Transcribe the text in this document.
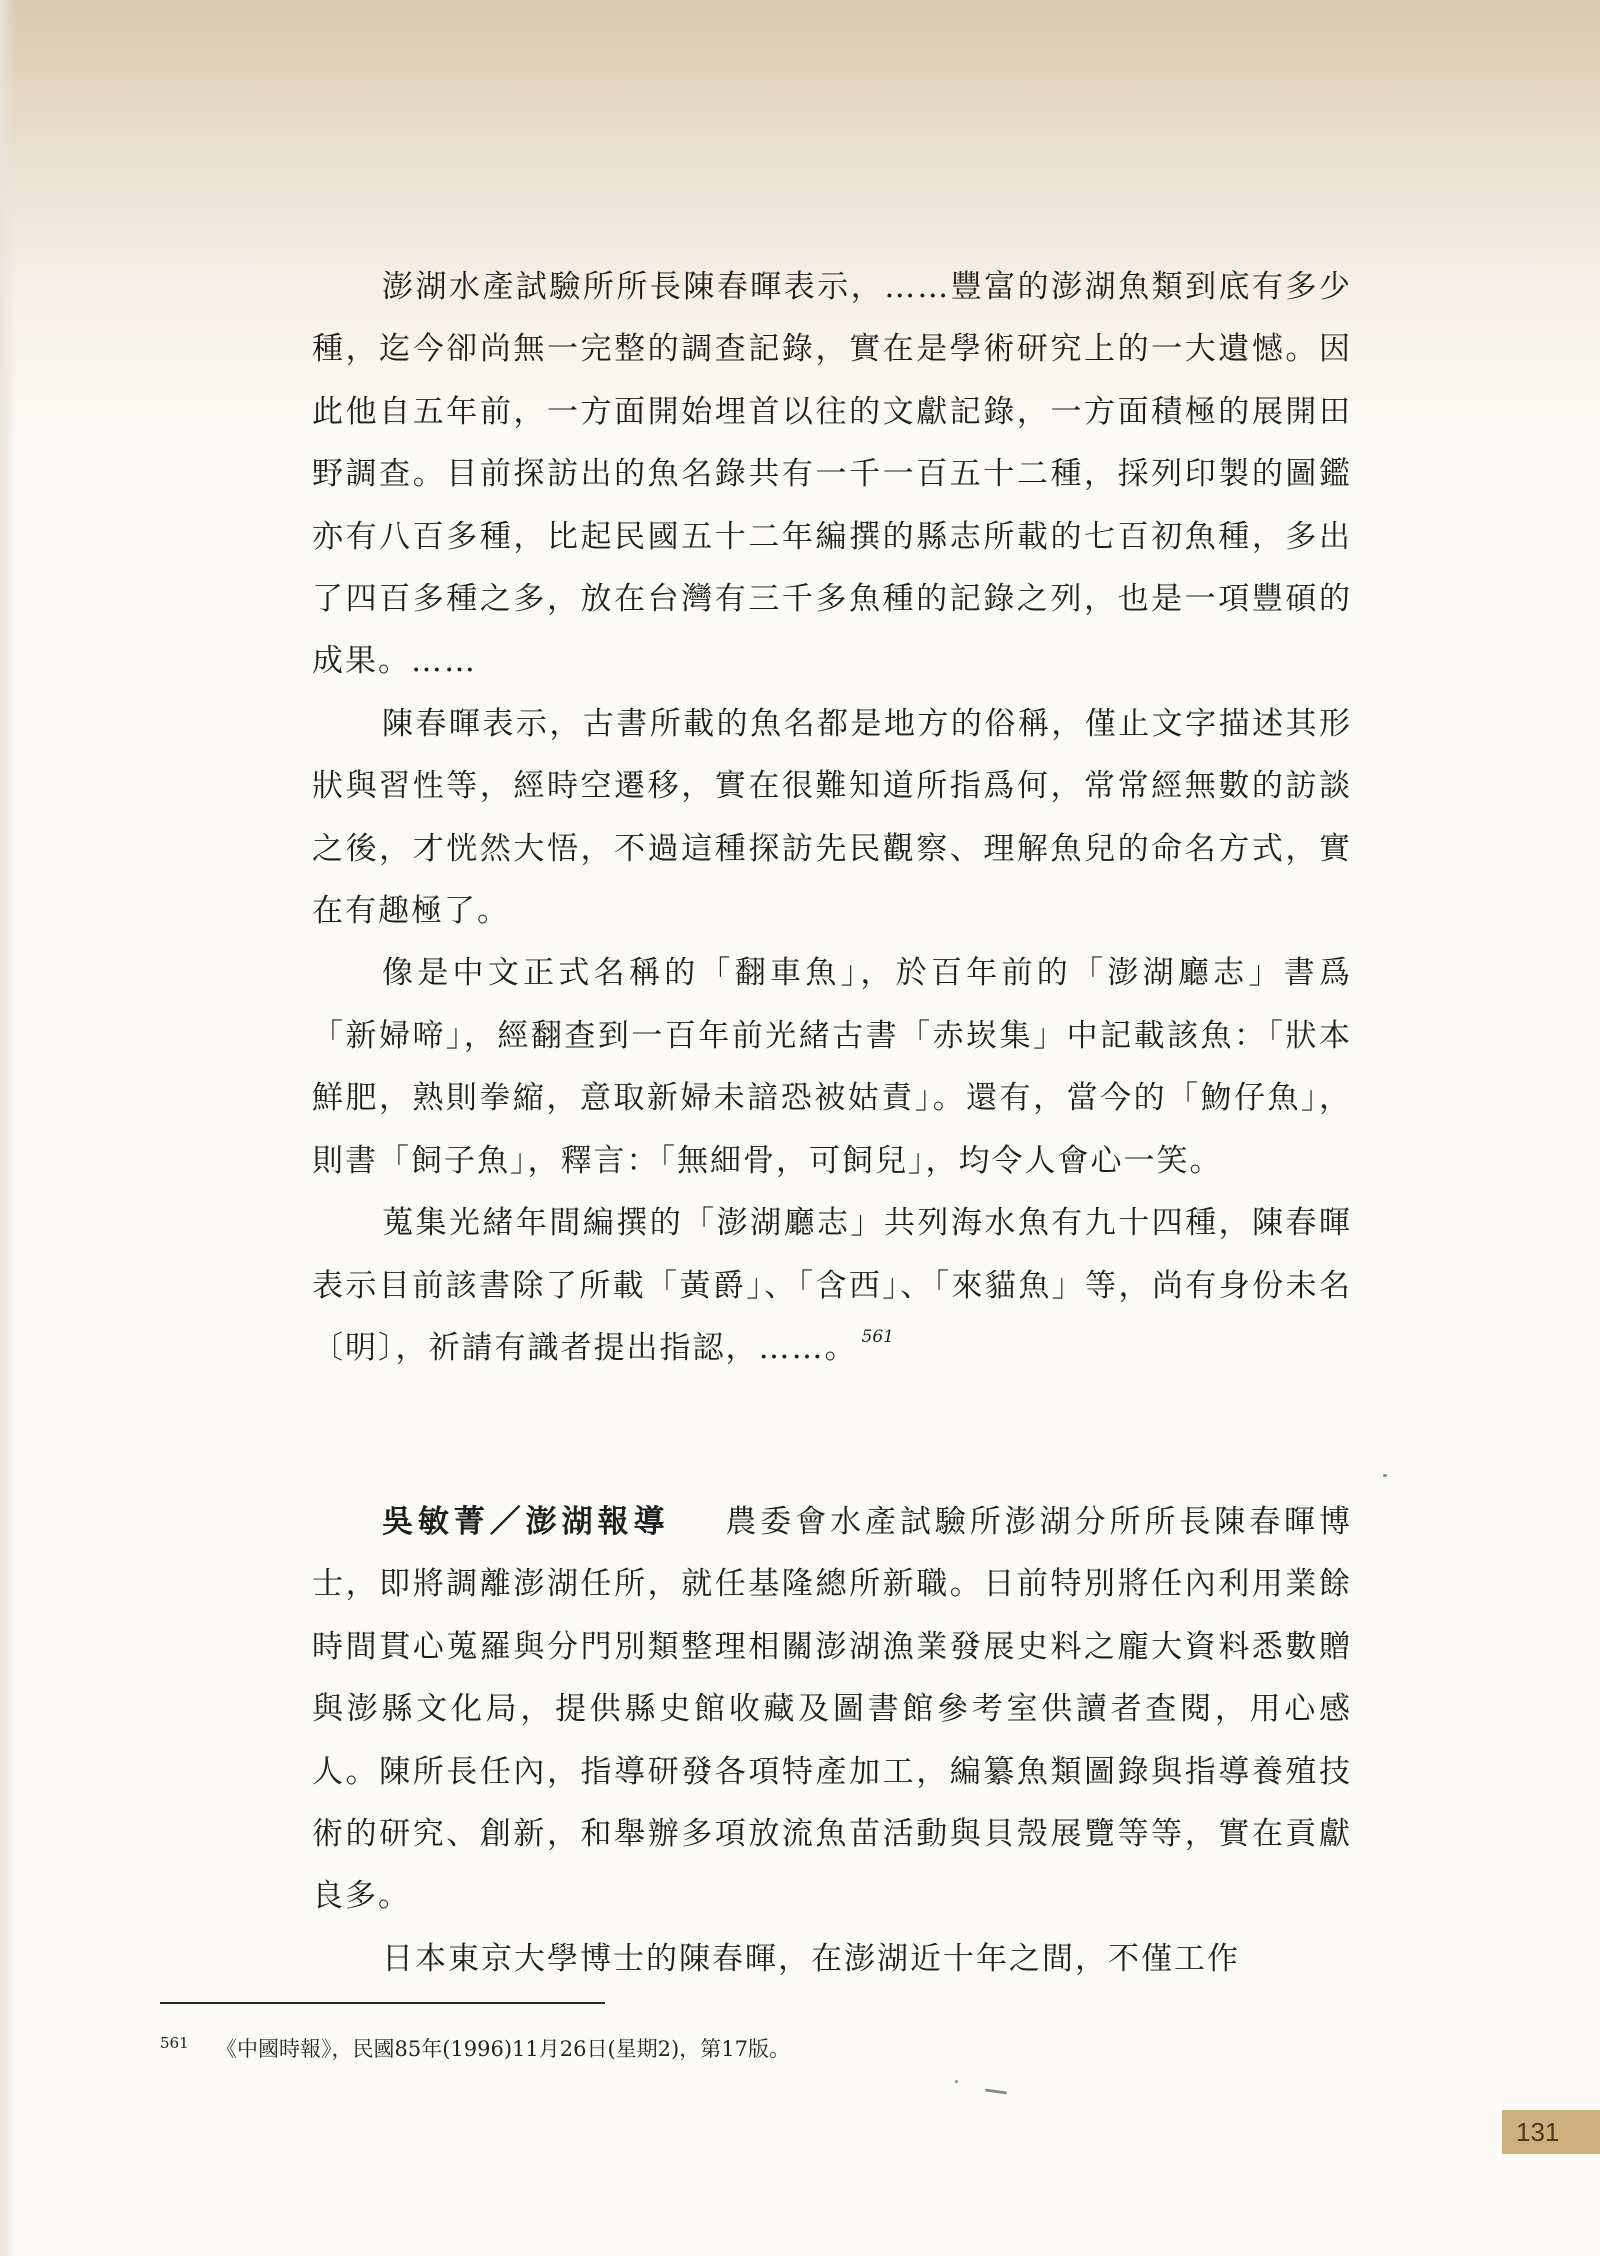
澎湖水產試驗所所長陳春暉表示，……豐富的澎湖魚類到底有多少種，迄今卻尚無一完整的調查記錄，實在是學術研究上的一大遺憾。因此他自五年前，一方面開始埋首以往的文獻記錄，一方面積極的展開田野調查。目前探訪出的魚名錄共有一千一百五十二種，採列印製的圖鑑亦有八百多種，比起民國五十二年編撰的縣志所載的七百初魚種，多出了四百多種之多，放在台灣有三千多魚種的記錄之列，也是一項豐碩的成果。……

陳春暉表示，古書所載的魚名都是地方的俗稱，僅止文字描述其形狀與習性等，經時空遷移，實在很難知道所指爲何，常常經無數的訪談之後，才恍然大悟，不過這種探訪先民觀察、理解魚兒的命名方式，實在有趣極了。

像是中文正式名稱的「翻車魚」，於百年前的「澎湖廳志」書爲「新婦啼」，經翻查到一百年前光緒古書「赤崁集」中記載該魚：「狀本鮮肥，熟則拳縮，意取新婦未諳恐被姑責」。還有，當今的「魩仔魚」，則書「飼子魚」，釋言：「無細骨，可飼兒」，均令人會心一笑。

蒐集光緒年間編撰的「澎湖廳志」共列海水魚有九十四種，陳春暉表示目前該書除了所載「黃爵」、「含西」、「來貓魚」等，尚有身份未名〔明〕，祈請有識者提出指認，……。 $^{561}$

吳敏菁／澎湖報導 農委會水產試驗所澎湖分所所長陳春暉博士，即將調離澎湖任所，就任基隆總所新職。日前特別將任內利用業餘時間貫心蒐羅與分門別類整理相關澎湖漁業發展史料之龐大資料悉數贈與澎縣文化局，提供縣史館收藏及圖書館參考室供讀者查閱，用心感人。陳所長任內，指導研發各項特產加工，編纂魚類圖錄與指導養殖技術的研究、創新，和舉辦多項放流魚苗活動與貝殼展覽等等，實在貢獻良多。

日本東京大學博士的陳春暉，在澎湖近十年之間，不僅工作

561 《中國時報》，民國85年(1996)11月26日(星期2)，第17版。
131
